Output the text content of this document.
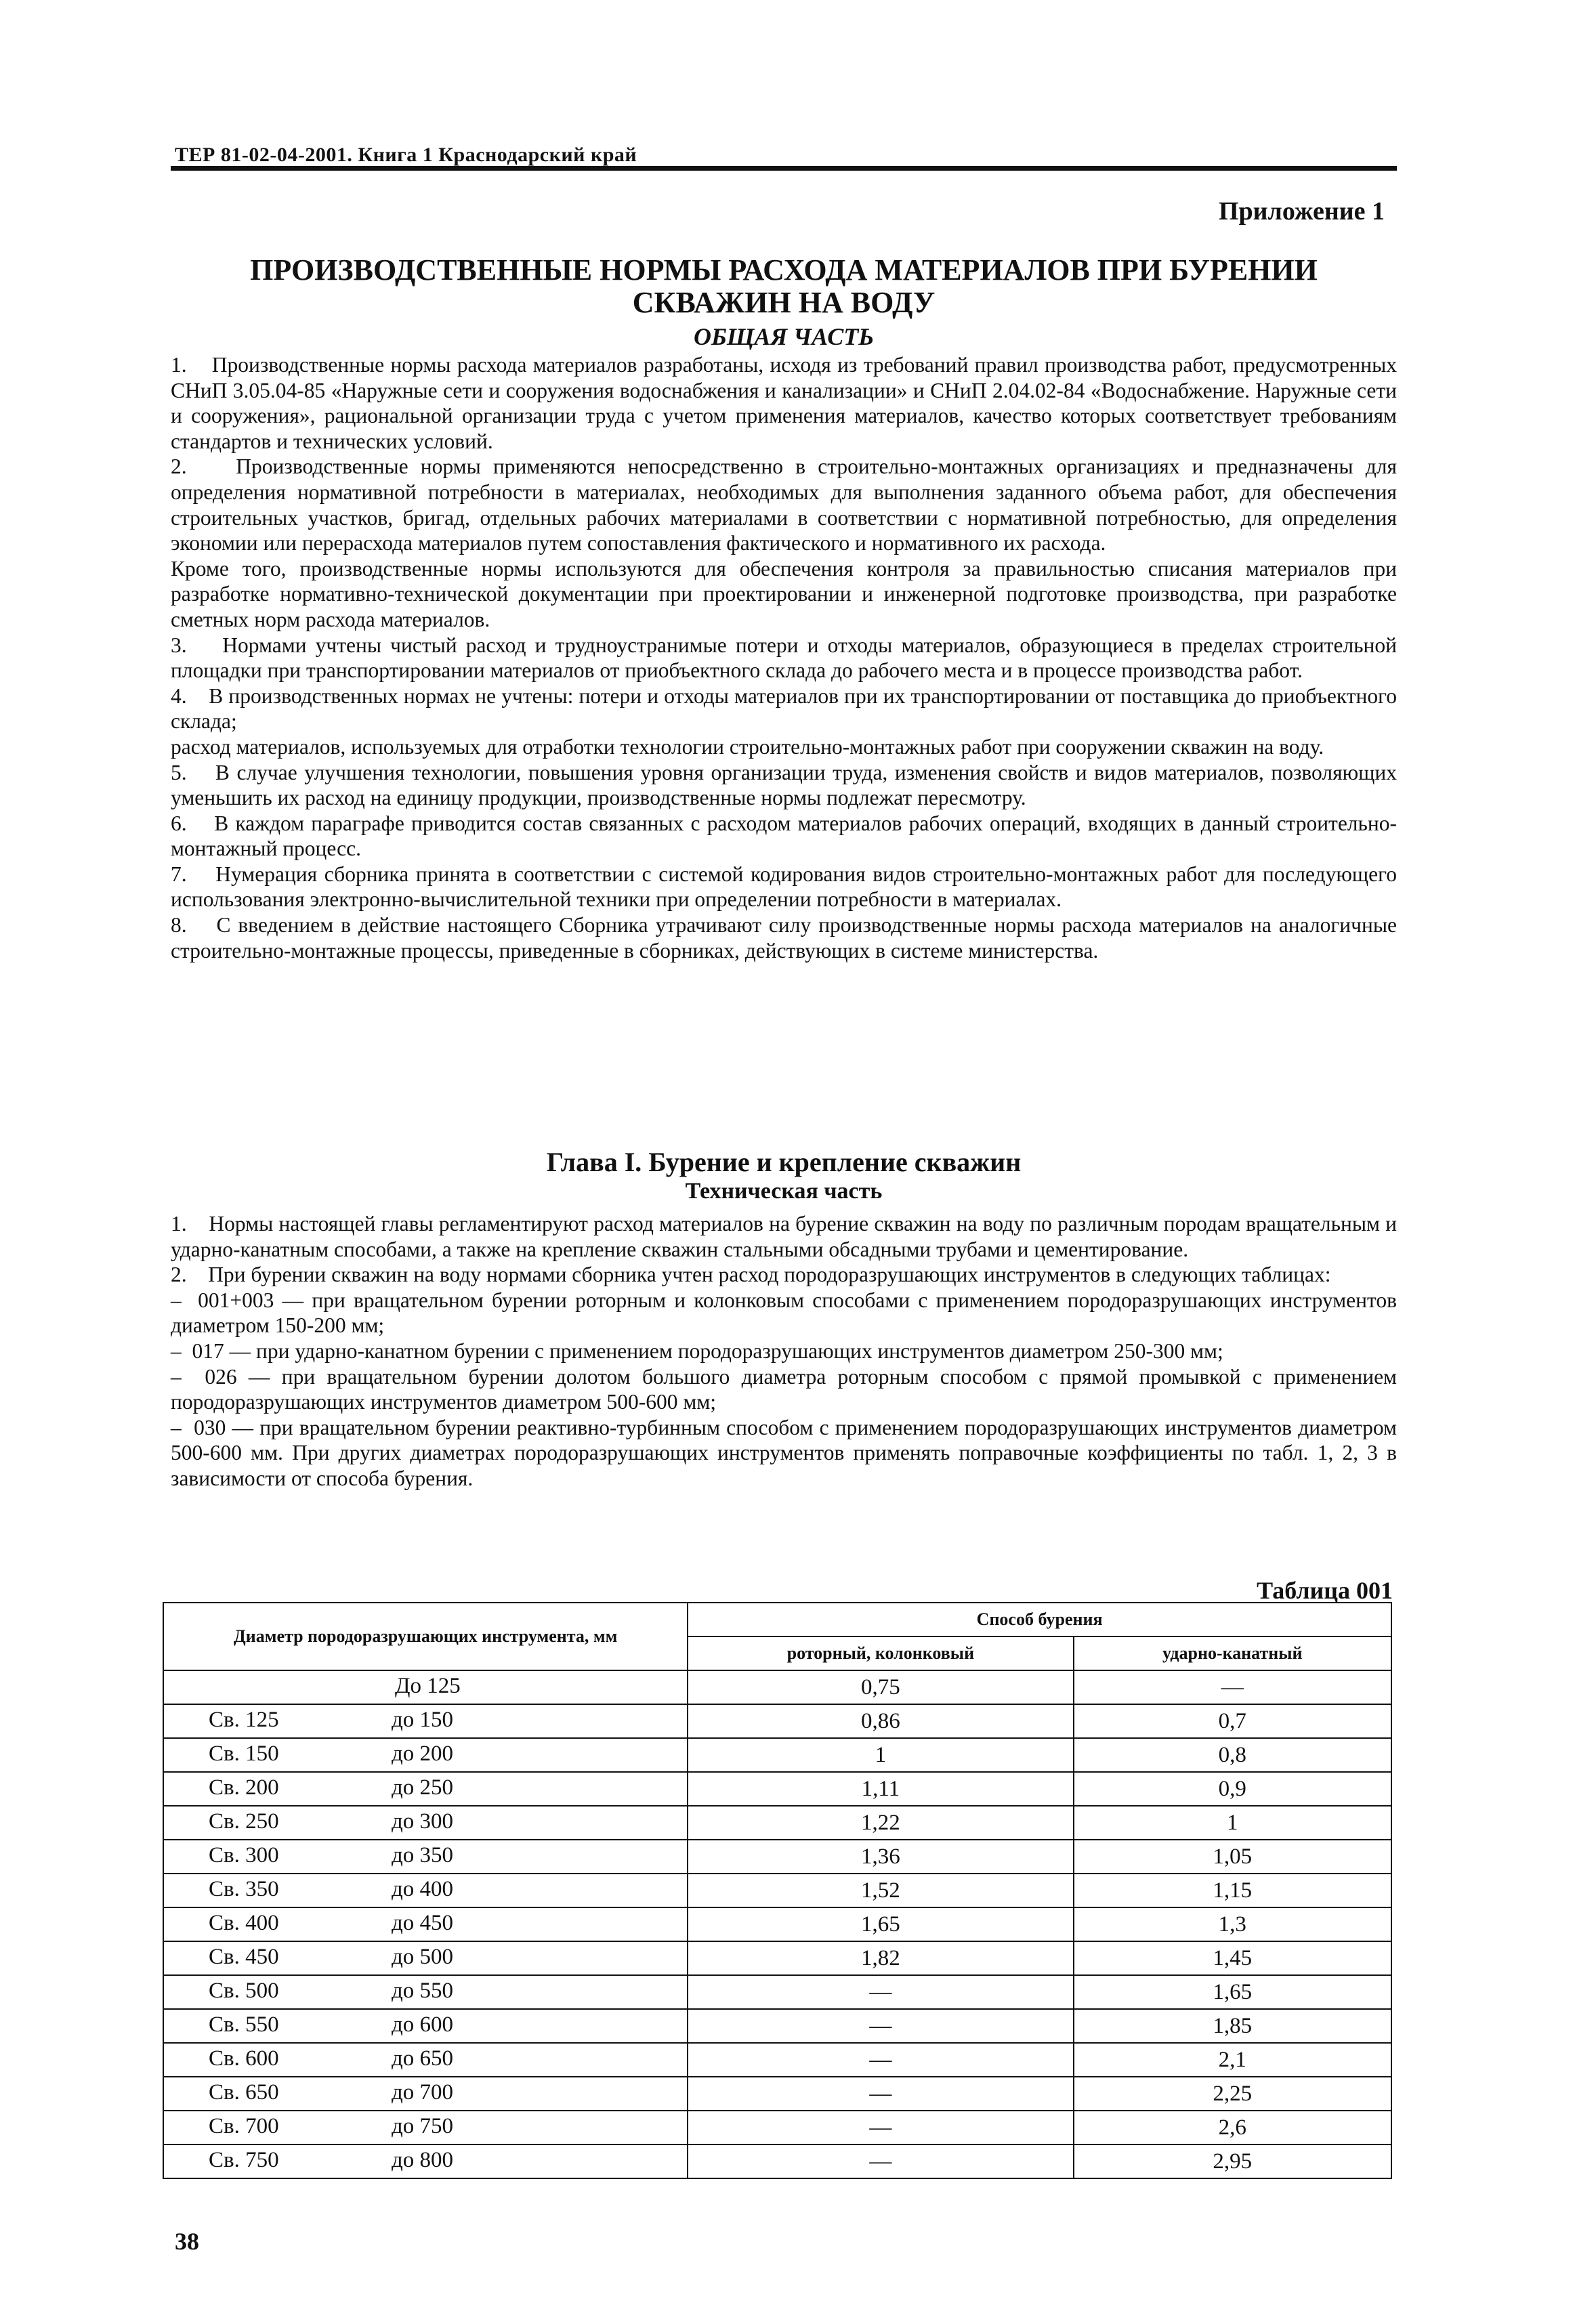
ТЕР 81-02-04-2001. Книга 1 Краснодарский край
Приложение 1
ПРОИЗВОДСТВЕННЫЕ НОРМЫ РАСХОДА МАТЕРИАЛОВ ПРИ БУРЕНИИ
СКВАЖИН НА ВОДУ
ОБЩАЯ ЧАСТЬ

1.    Производственные нормы расхода материалов разработаны, исходя из требований правил производства работ, предусмотренных СНиП 3.05.04-85 «Наружные сети и сооружения водоснабжения и канализации» и СНиП 2.04.02-84 «Водоснабжение. Наружные сети и сооружения», рациональной организации труда с учетом применения материалов, качество которых соответствует требованиям стандартов и технических условий.

2.    Производственные нормы применяются непосредственно в строительно-монтажных организациях и предназначены для определения нормативной потребности в материалах, необходимых для выполнения заданного объема работ, для обеспечения строительных участков, бригад, отдельных рабочих материалами в соответствии с нормативной потребностью, для определения экономии или перерасхода материалов путем сопоставления фактического и нормативного их расхода.

Кроме того, производственные нормы используются для обеспечения контроля за правильностью списания материалов при разработке нормативно-технической документации при проектировании и инженерной подготовке производства, при разработке сметных норм расхода материалов.

3.    Нормами учтены чистый расход и трудноустранимые потери и отходы материалов, образующиеся в пределах строительной площадки при транспортировании материалов от приобъектного склада до рабочего места и в процессе производства работ.

4.    В производственных нормах не учтены: потери и отходы материалов при их транспортировании от поставщика до приобъектного склада;

расход материалов, используемых для отработки технологии строительно-монтажных работ при сооружении скважин на воду.

5.    В случае улучшения технологии, повышения уровня организации труда, изменения свойств и видов материалов, позволяющих уменьшить их расход на единицу продукции, производственные нормы подлежат пересмотру.

6.    В каждом параграфе приводится состав связанных с расходом материалов рабочих операций, входящих в данный строительно-монтажный процесс.

7.    Нумерация сборника принята в соответствии с системой кодирования видов строительно-монтажных работ для последующего использования электронно-вычислительной техники при определении потребности в материалах.

8.    С введением в действие настоящего Сборника утрачивают силу производственные нормы расхода материалов на аналогичные строительно-монтажные процессы, приведенные в сборниках, действующих в системе министерства.

Глава I. Бурение и крепление скважин
Техническая часть

1.    Нормы настоящей главы регламентируют расход материалов на бурение скважин на воду по различным породам вращательным и ударно-канатным способами, а также на крепление скважин стальными обсадными трубами и цементирование.

2.    При бурении скважин на воду нормами сборника учтен расход породоразрушающих инструментов в следующих таблицах:

–  001+003 — при вращательном бурении роторным и колонковым способами с применением породоразрушающих инструментов диаметром 150-200 мм;

–  017 — при ударно-канатном бурении с применением породоразрушающих инструментов диаметром 250-300 мм;

–  026 — при вращательном бурении долотом большого диаметра роторным способом с прямой промывкой с применением породоразрушающих инструментов диаметром 500-600 мм;

–  030 — при вращательном бурении реактивно-турбинным способом с применением породоразрушающих инструментов диаметром 500-600 мм. При других диаметрах породоразрушающих инструментов применять поправочные коэффициенты по табл. 1, 2, 3 в зависимости от способа бурения.

Таблица 001
Диаметр породоразрушающих инструмента, мм	Способ бурения	
	роторный, колонковый	ударно-канатный

До 125	0,75	—

Св. 125 до 150	0,86	0,7

Св. 150 до 200	1	0,8

Св. 200 до 250	1,11	0,9

Св. 250 до 300	1,22	1

Св. 300 до 350	1,36	1,05

Св. 350 до 400	1,52	1,15

Св. 400 до 450	1,65	1,3

Св. 450 до 500	1,82	1,45

Св. 500 до 550	—	1,65

Св. 550 до 600	—	1,85

Св. 600 до 650	—	2,1

Св. 650 до 700	—	2,25

Св. 700 до 750	—	2,6

Св. 750 до 800	—	2,95
38
